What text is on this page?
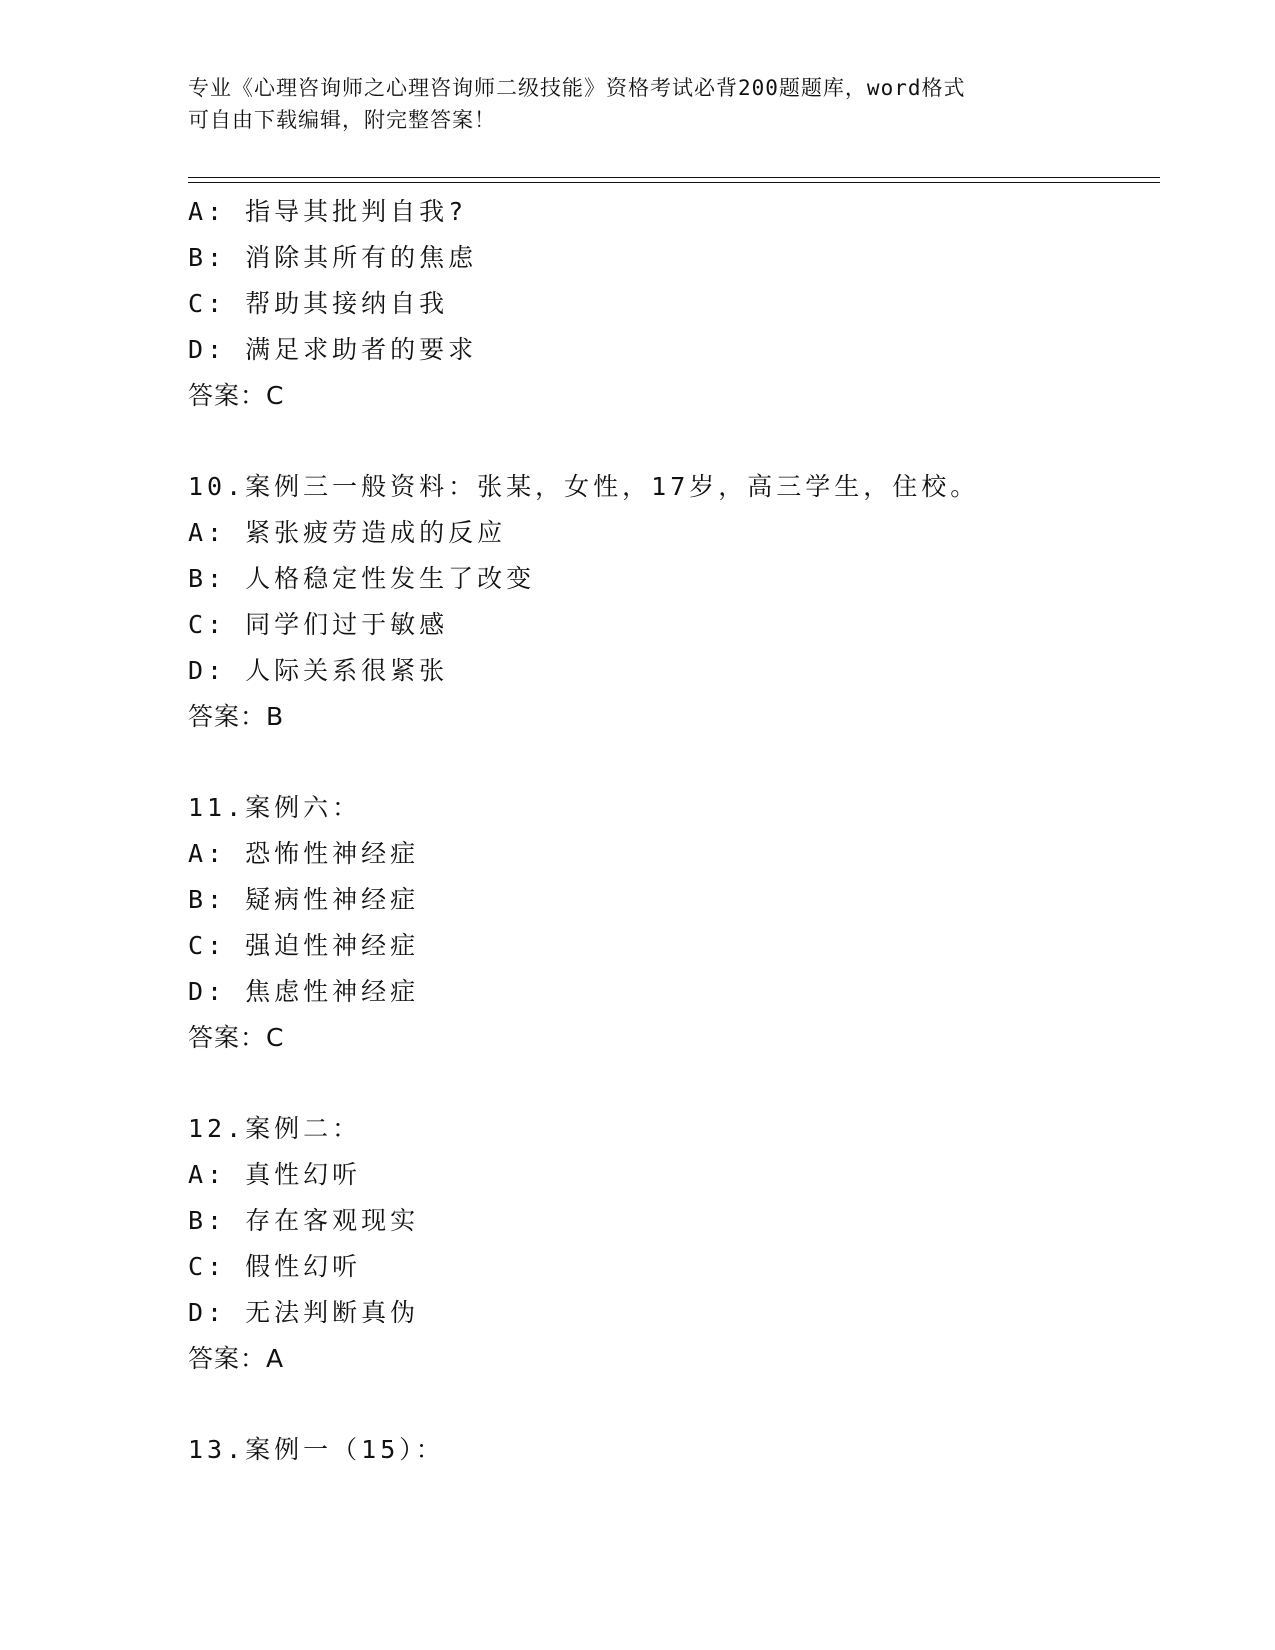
专业《心理咨询师之心理咨询师二级技能》资格考试必背200题题库，word格式
可自由下载编辑，附完整答案！
A: 指导其批判自我?
B: 消除其所有的焦虑
C: 帮助其接纳自我
D: 满足求助者的要求
答案：C
10.案例三一般资料：张某，女性，17岁，高三学生，住校。
A: 紧张疲劳造成的反应
B: 人格稳定性发生了改变
C: 同学们过于敏感
D: 人际关系很紧张
答案：B
11.案例六：
A: 恐怖性神经症
B: 疑病性神经症
C: 强迫性神经症
D: 焦虑性神经症
答案：C
12.案例二：
A: 真性幻听
B: 存在客观现实
C: 假性幻听
D: 无法判断真伪
答案：A
13.案例一（15）：
